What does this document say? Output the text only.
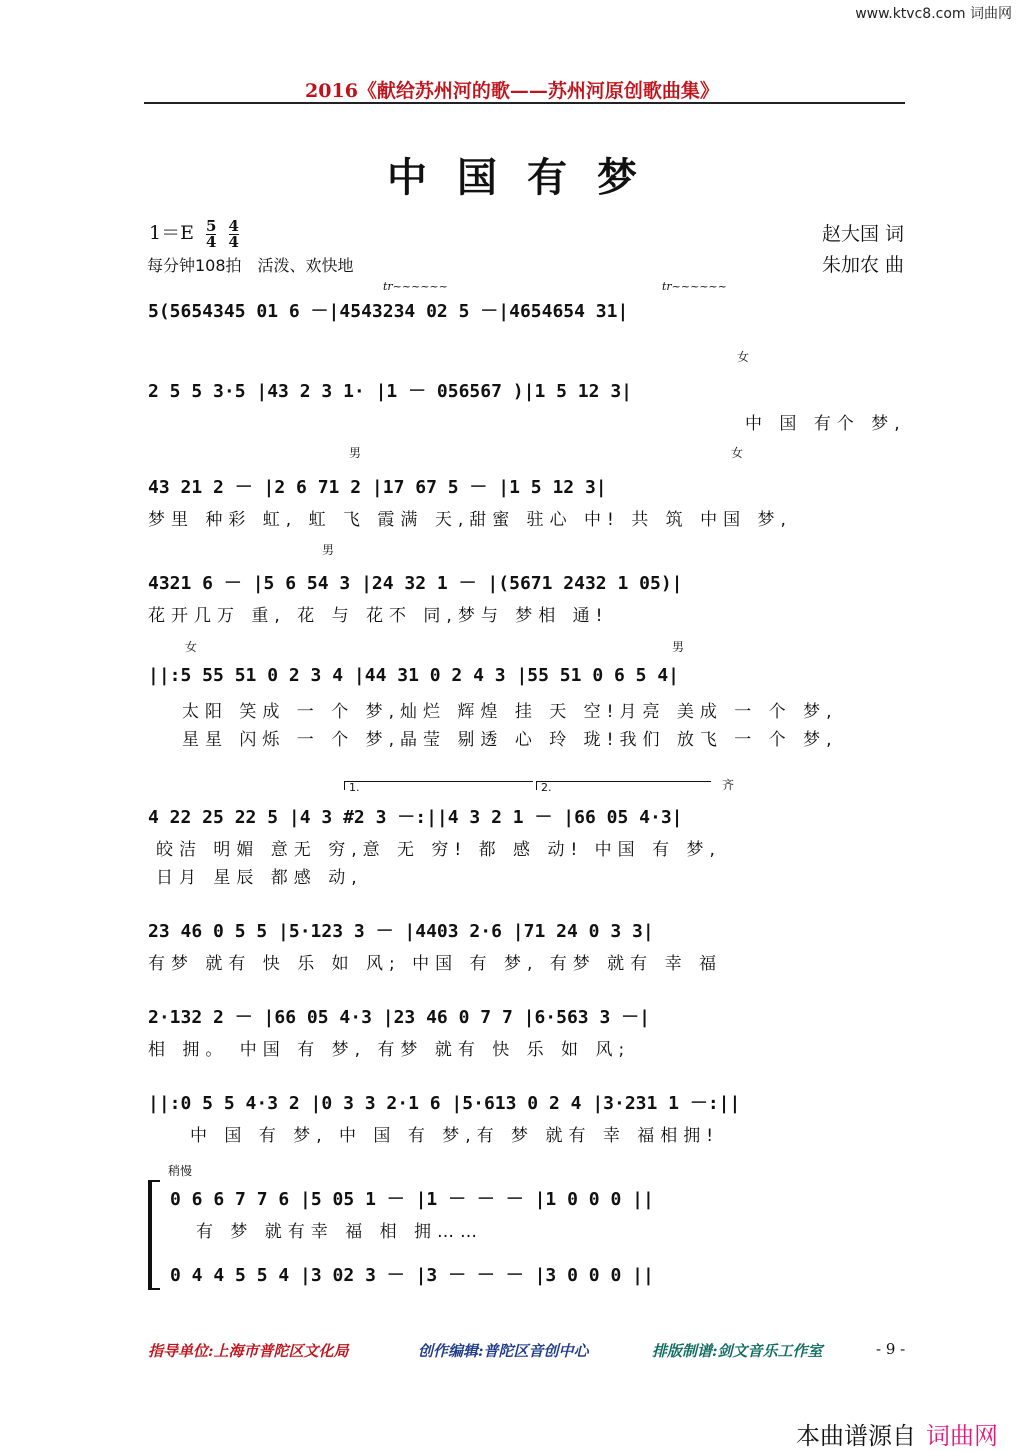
www.ktvc8.com 词曲网
2016《献给苏州河的歌——苏州河原创歌曲集》
中国有梦
$1=E \frac{5}{4}$
$\frac{4}{4}$
每分钟108拍　活泼、欢快地
赵大国 词
朱加农 曲
tr~~~~~~	tr~~~~~~
女
男	女
男
女	男
齐
稍慢
1.	2.
5(5654345 01 6 －|4543234 02 5 －|4654654 31|
2 5 5 3·5 |43 2 3 1· |1 － 056567 )|1 5 12 3|
中 国 有个 梦,
43 21 2 － |2 6 71 2 |17 67 5 － |1 5 12 3|
梦里 种彩 虹, 虹 飞 霞满 天,甜蜜 驻心 中! 共 筑 中国 梦,
4321 6 － |5 6 54 3 |24 32 1 － |(5671 2432 1 05)|
花开几万 重, 花 与 花不 同,梦与 梦相 通!
||:5 55 51 0 2 3 4 |44 31 0 2 4 3 |55 51 0 6 5 4|
太阳 笑成 一 个 梦,灿烂 辉煌 挂 天 空!月亮 美成 一 个 梦,
星星 闪烁 一 个 梦,晶莹 剔透 心 玲 珑!我们 放飞 一 个 梦,
4 22 25 22 5 |4 3 #2 3 －:||4 3 2 1 － |66 05 4·3|
皎洁 明媚 意无 穷,意 无 穷! 都 感 动! 中国 有 梦,
日月 星辰 都感 动,
23 46 0 5 5 |5·123 3 － |4403 2·6 |71 24 0 3 3|
有梦 就有 快 乐 如 风; 中国 有 梦, 有梦 就有 幸 福
2·132 2 － |66 05 4·3 |23 46 0 7 7 |6·563 3 －|
相 拥。 中国 有 梦, 有梦 就有 快 乐 如 风;
||:0 5 5 4·3 2 |0 3 3 2·1 6 |5·613 0 2 4 |3·231 1 －:||
中 国 有 梦, 中 国 有 梦,有 梦 就有 幸 福相拥!
0 6 6 7 7 6 |5 05 1 － |1 － － － |1 0 0 0 ||
有 梦 就有幸 福 相 拥……
0 4 4 5 5 4 |3 02 3 － |3 － － － |3 0 0 0 ||
指导单位:上海市普陀区文化局	创作编辑:普陀区音创中心	排版制谱:剑文音乐工作室	- 9 -
本曲谱源自 词曲网
